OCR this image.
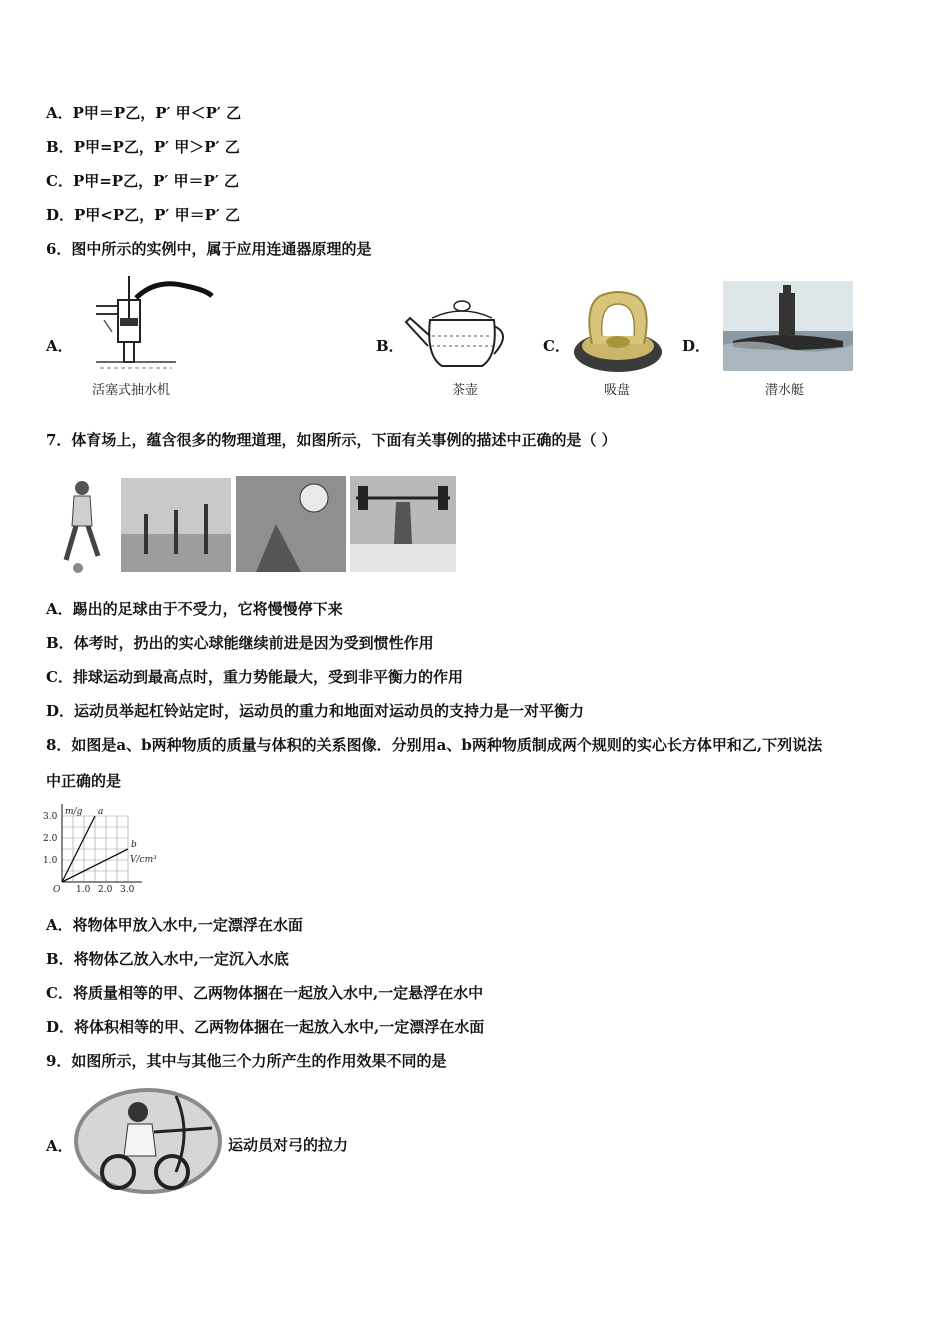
A．P甲＝P乙，P′ 甲＜P′ 乙
B．P甲=P乙，P′ 甲＞P′ 乙
C．P甲=P乙，P′ 甲＝P′ 乙
D．P甲<P乙，P′ 甲＝P′ 乙
6．图中所示的实例中，属于应用连通器原理的是
A．
活塞式抽水机
B．
茶壶
C．
吸盘
D．
潜水艇
7．体育场上，蕴含很多的物理道理，如图所示，下面有关事例的描述中正确的是（ ）
A．踢出的足球由于不受力，它将慢慢停下来
B．体考时，扔出的实心球能继续前进是因为受到惯性作用
C．排球运动到最高点时，重力势能最大，受到非平衡力的作用
D．运动员举起杠铃站定时，运动员的重力和地面对运动员的支持力是一对平衡力
8．如图是a、b两种物质的质量与体积的关系图像．分别用a、b两种物质制成两个规则的实心长方体甲和乙,下列说法
中正确的是
1.0 2.0 3.0
1.0
2.0
3.0
O
m/g
V/cm³
a
b
A．将物体甲放入水中,一定漂浮在水面
B．将物体乙放入水中,一定沉入水底
C．将质量相等的甲、乙两物体捆在一起放入水中,一定悬浮在水中
D．将体积相等的甲、乙两物体捆在一起放入水中,一定漂浮在水面
9．如图所示，其中与其他三个力所产生的作用效果不同的是
A．	运动员对弓的拉力
